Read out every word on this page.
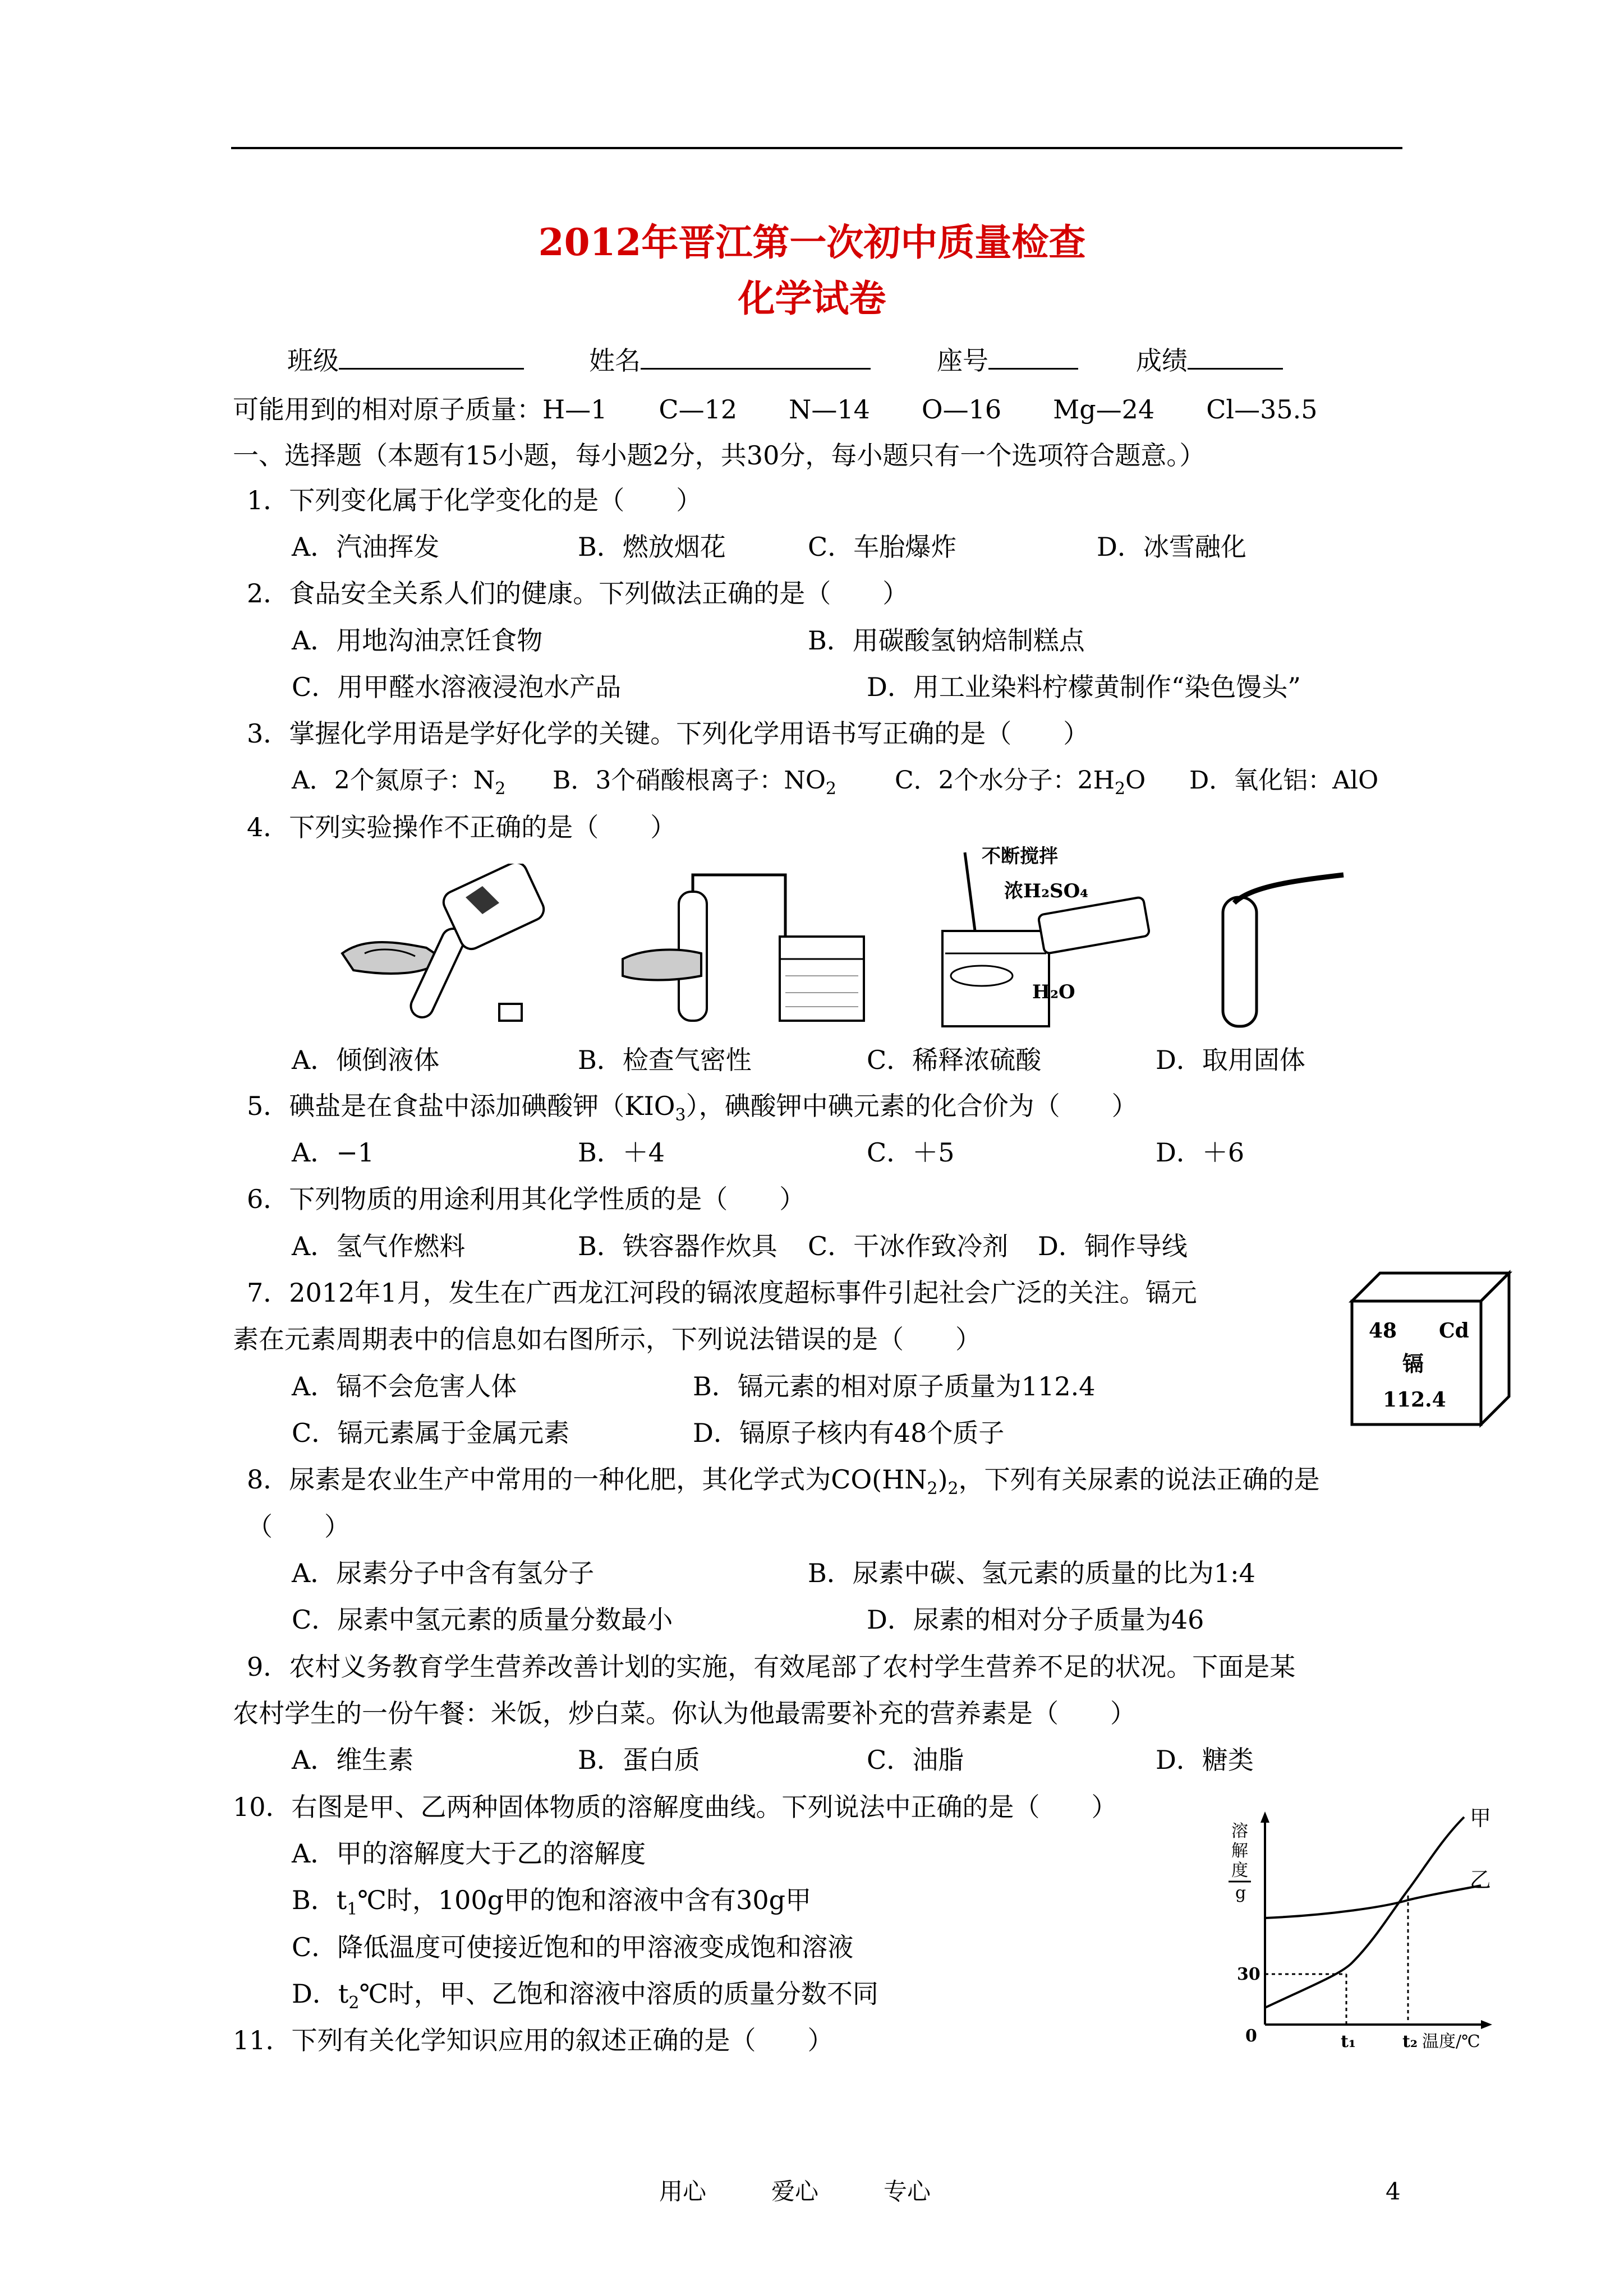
2012年晋江第一次初中质量检查
化学试卷
班级	姓名	座号	成绩
可能用到的相对原子质量：H—1　　C—12　　N—14　　O—16　　Mg—24　　Cl—35.5
一、选择题（本题有15小题，每小题2分，共30分，每小题只有一个选项符合题意。）
1．下列变化属于化学变化的是（　　）
A．汽油挥发	B．燃放烟花	C．车胎爆炸	D．冰雪融化
2．食品安全关系人们的健康。下列做法正确的是（　　）
A．用地沟油烹饪食物	B．用碳酸氢钠焙制糕点
C．用甲醛水溶液浸泡水产品	D．用工业染料柠檬黄制作“染色馒头”
3．掌握化学用语是学好化学的关键。下列化学用语书写正确的是（　　）
A．2个氮原子：$N_2$ B．3个硝酸根离子：$NO_2$ C．2个水分子：$2H_2O$ D．氧化铝：AlO
4．下列实验操作不正确的是（　　）
不断搅拌
浓H₂SO₄
H₂O
A．倾倒液体	B．检查气密性	C．稀释浓硫酸	D．取用固体
5．碘盐是在食盐中添加碘酸钾$(KIO_3)$，碘酸钾中碘元素的化合价为（　　）
A．−1	B．＋4	C．＋5	D．＋6
6．下列物质的用途利用其化学性质的是（　　）
A．氢气作燃料	B．铁容器作炊具 C．干冰作致冷剂 D．铜作导线
7．2012年1月，发生在广西龙江河段的镉浓度超标事件引起社会广泛的关注。镉元
素在元素周期表中的信息如右图所示，下列说法错误的是（　　）
A．镉不会危害人体	B．镉元素的相对原子质量为112.4
C．镉元素属于金属元素	D．镉原子核内有48个质子
48 Cd
镉
112.4
8．尿素是农业生产中常用的一种化肥，其化学式为$CO(HN_2)_2$，下列有关尿素的说法正确的是
（　　）
A．尿素分子中含有氢分子	B．尿素中碳、氢元素的质量的比为1:4
C．尿素中氢元素的质量分数最小	D．尿素的相对分子质量为46
9．农村义务教育学生营养改善计划的实施，有效尾部了农村学生营养不足的状况。下面是某
农村学生的一份午餐：米饭，炒白菜。你认为他最需要补充的营养素是（　　）
A．维生素	B．蛋白质	C．油脂	D．糖类
10．右图是甲、乙两种固体物质的溶解度曲线。下列说法中正确的是（　　）
A．甲的溶解度大于乙的溶解度
B．$t_1℃$时，100g甲的饱和溶液中含有30g甲
C．降低温度可使接近饱和的甲溶液变成饱和溶液
D．$t_2℃$时，甲、乙饱和溶液中溶质的质量分数不同
溶
解
度
g
30
0	t₁	t₂ 温度/℃
甲
乙
11．下列有关化学知识应用的叙述正确的是（　　）
用心	爱心	专心	4
